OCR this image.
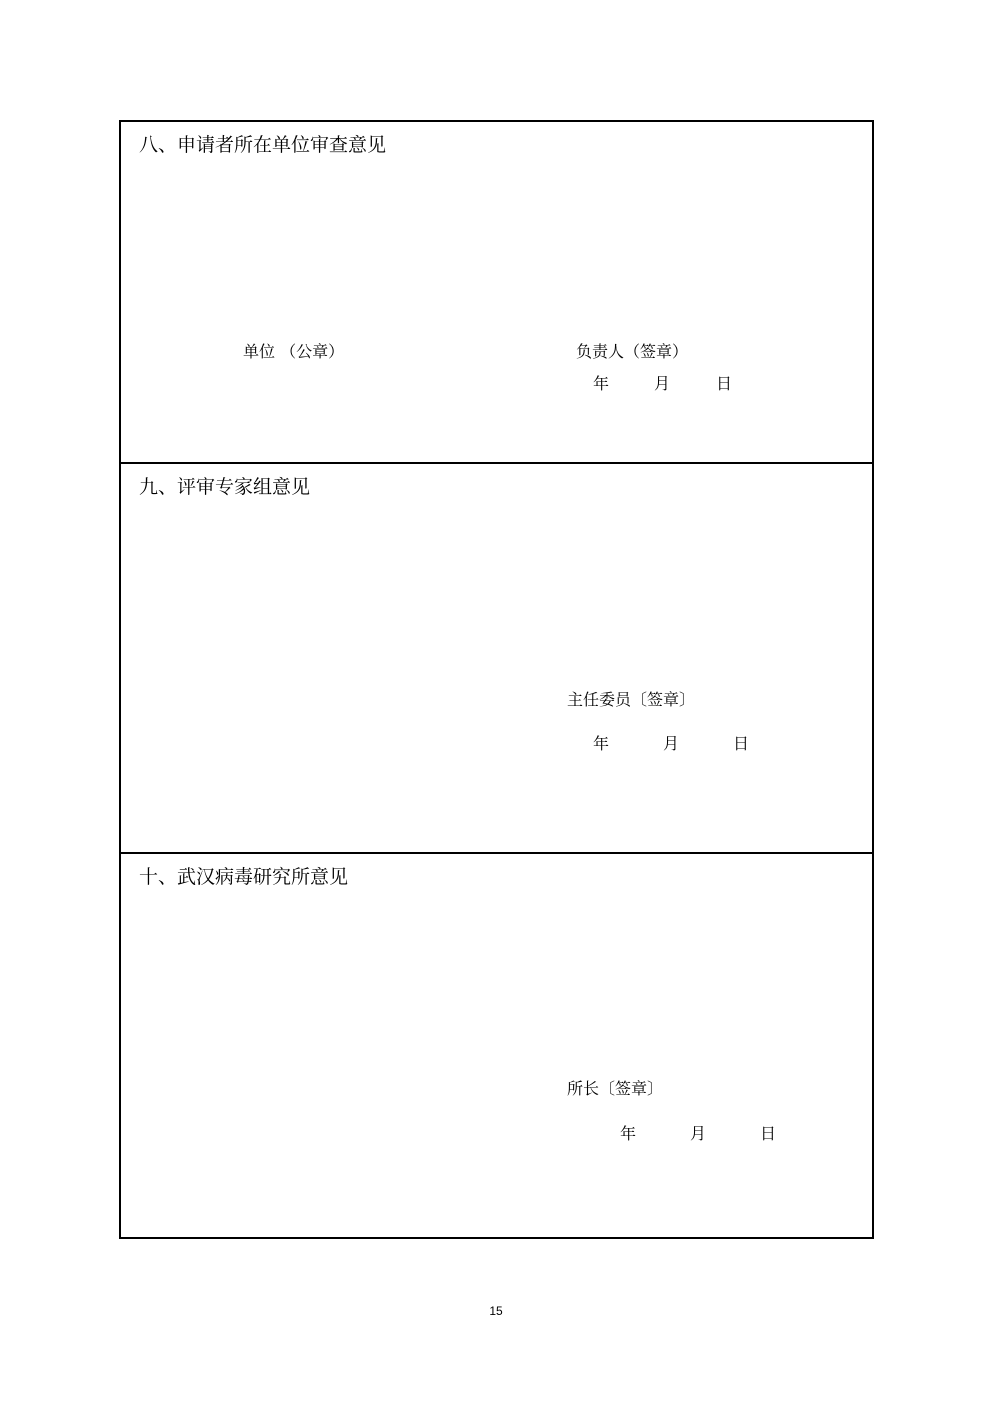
八、申请者所在单位审查意见
单位 （公章）	负责人（签章）
年	月	日
九、评审专家组意见
主任委员〔签章〕
年	月	日
十、武汉病毒研究所意见
所长〔签章〕
年	月	日
15
